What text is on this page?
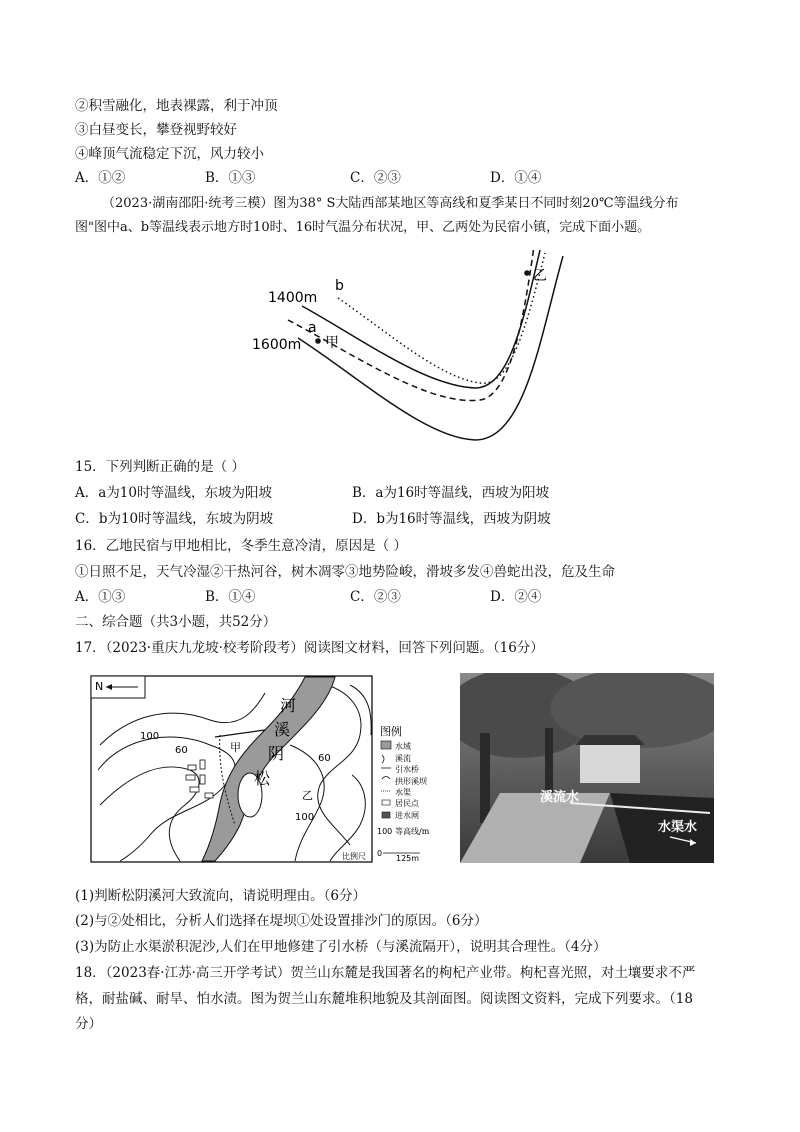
②积雪融化，地表裸露，利于冲顶
③白昼变长，攀登视野较好
④峰顶气流稳定下沉，风力较小
A．①②	B．①③	C．②③	D．①④
（2023·湖南邵阳·统考三模）图为38° S大陆西部某地区等高线和夏季某日不同时刻20℃等温线分布
图"图中a、b等温线表示地方时10时、16时气温分布状况，甲、乙两处为民宿小镇，完成下面小题。
1400m
1600m
a
b
甲
乙
15．下列判断正确的是（ ）
A．a为10时等温线，东坡为阳坡	B．a为16时等温线，西坡为阳坡
C．b为10时等温线，东坡为阴坡	D．b为16时等温线，西坡为阴坡
16．乙地民宿与甲地相比，冬季生意冷清，原因是（ ）
①日照不足，天气冷湿②干热河谷，树木凋零③地势险峻，滑坡多发④兽蛇出没，危及生命
A．①③	B．①④	C．②③	D．②④
二、综合题（共3小题，共52分）
17．（2023·重庆九龙坡·校考阶段考）阅读图文材料，回答下列问题。（16分）
N
河
溪
阴
松
100
60
60
100
甲
乙
图例
水域
溪流
引水桥
拱形溪坝
水渠
居民点
进水闸
100 等高线/m
比例尺 0
125m
溪流水
水渠水
(1)判断松阴溪河大致流向，请说明理由。（6分）
(2)与②处相比，分析人们选择在堤坝①处设置排沙门的原因。（6分）
(3)为防止水渠淤积泥沙,人们在甲地修建了引水桥（与溪流隔开），说明其合理性。（4分）
18．（2023春·江苏·高三开学考试）贺兰山东麓是我国著名的枸杞产业带。枸杞喜光照，对土壤要求不严
格，耐盐碱、耐旱、怕水渍。图为贺兰山东麓堆积地貌及其剖面图。阅读图文资料，完成下列要求。（18
分）
